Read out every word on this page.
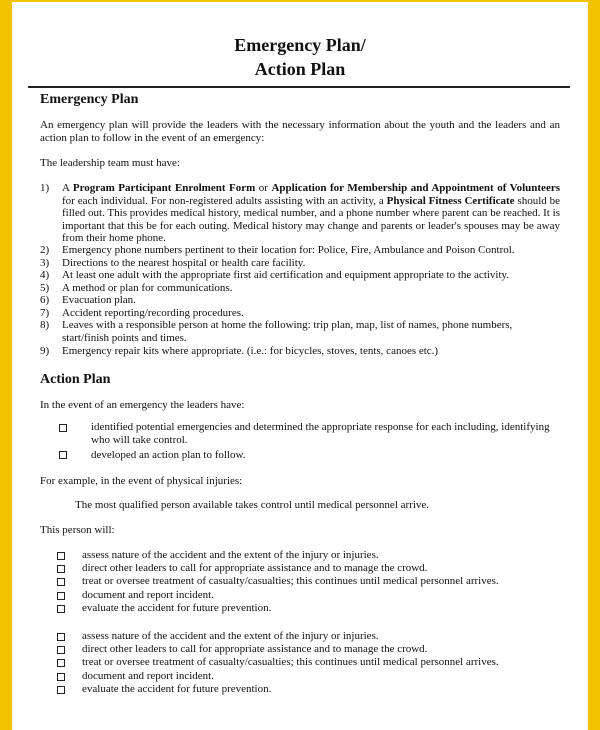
Emergency Plan/
Action Plan
Emergency Plan
An emergency plan will provide the leaders with the necessary information about the youth and the leaders and an action plan to follow in the event of an emergency:
The leadership team must have:
1) A Program Participant Enrolment Form or Application for Membership and Appointment of Volunteers for each individual. For non-registered adults assisting with an activity, a Physical Fitness Certificate should be filled out. This provides medical history, medical number, and a phone number where parent can be reached. It is important that this be for each outing. Medical history may change and parents or leader's spouses may be away from their home phone.
2) Emergency phone numbers pertinent to their location for: Police, Fire, Ambulance and Poison Control.
3) Directions to the nearest hospital or health care facility.
4) At least one adult with the appropriate first aid certification and equipment appropriate to the activity.
5) A method or plan for communications.
6) Evacuation plan.
7) Accident reporting/recording procedures.
8) Leaves with a responsible person at home the following: trip plan, map, list of names, phone numbers,
start/finish points and times.
9) Emergency repair kits where appropriate. (i.e.: for bicycles, stoves, tents, canoes etc.)
Action Plan
In the event of an emergency the leaders have:
identified potential emergencies and determined the appropriate response for each including, identifying
who will take control.
developed an action plan to follow.
For example, in the event of physical injuries:
The most qualified person available takes control until medical personnel arrive.
This person will:
assess nature of the accident and the extent of the injury or injuries.
direct other leaders to call for appropriate assistance and to manage the crowd.
treat or oversee treatment of casualty/casualties; this continues until medical personnel arrives.
document and report incident.
evaluate the accident for future prevention.
assess nature of the accident and the extent of the injury or injuries.
direct other leaders to call for appropriate assistance and to manage the crowd.
treat or oversee treatment of casualty/casualties; this continues until medical personnel arrives.
document and report incident.
evaluate the accident for future prevention.
